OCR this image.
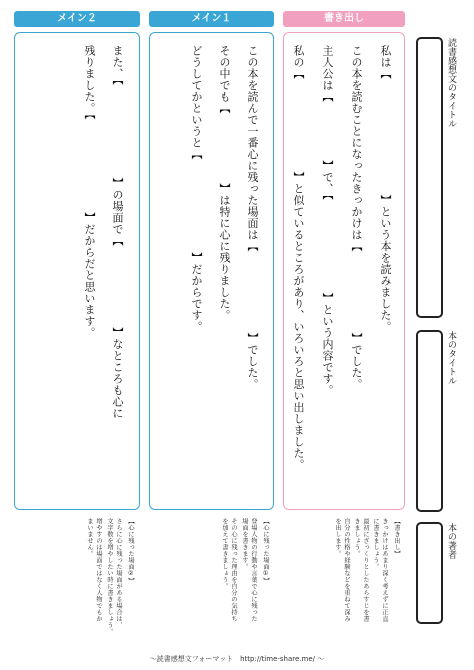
メイン２	メイン１	書き出し
私は【　　　　　　　　　　】という本を読みました。
この本を読むことになったきっかけは【　　　　　　　】でした。
主人公は【　　　　　】で、【　　　　　　　　】という内容です。
私の【　　　　　　　　】と似ているところがあり、いろいろと思い出しました。
この本を読んで一番心に残った場面は【　　　　　　　】でした。
その中でも【　　　　　　】は特に心に残りました。
どうしてかというと【　　　　　　　　】だからです。
また、【　　　　　　　　】の場面で【　　　　　　　】なところも心に
残りました。【　　　　　　　　】だからだと思います。
【書き出し】
きっかけはあまり深く考えずに正直
に書きましょう。
最初にざっくりとしたあらすじを書
きましょう。
自分の性格や経験などを重ねて深み
を出します。
【心に残った場面①】
登場人物の行動や言葉で心に残った
場面を書きます。
その心に残った理由を自分の気持ち
を加えて書きましょう。
【心に残った場面②】
さらに心に残った場面がある場合は、
文字数を増やしたい時に書きましょう。
増やすのは場面ではなく人物でもか
まいません。
読書感想文のタイトル
本のタイトル
本の著者
〜読書感想文フォーマット　http://time-share.me/ 〜
